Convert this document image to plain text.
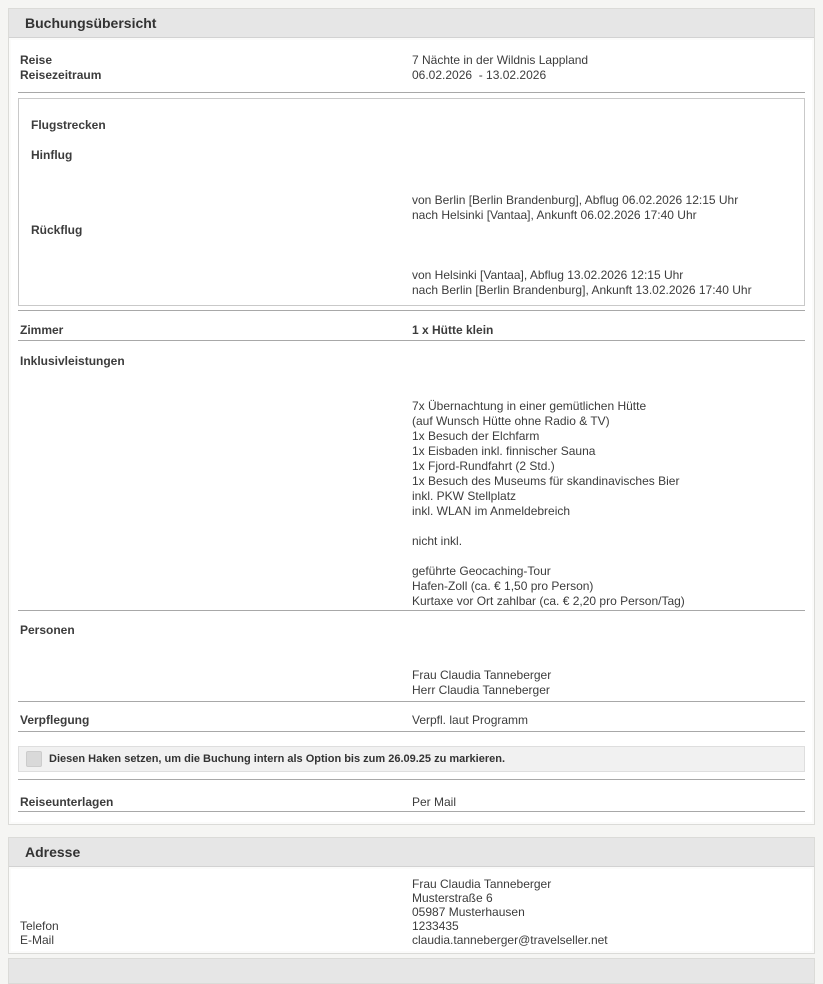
Buchungsübersicht
Reise	7 Nächte in der Wildnis Lappland
Reisezeitraum	06.02.2026  - 13.02.2026
Flugstrecken
Hinflug

von Berlin [Berlin Brandenburg], Abflug 06.02.2026 12:15 Uhr
nach Helsinki [Vantaa], Ankunft 06.02.2026 17:40 Uhr
Rückflug

von Helsinki [Vantaa], Abflug 13.02.2026 12:15 Uhr
nach Berlin [Berlin Brandenburg], Ankunft 13.02.2026 17:40 Uhr
Zimmer	1 x Hütte klein
Inklusivleistungen

7x Übernachtung in einer gemütlichen Hütte
(auf Wunsch Hütte ohne Radio & TV)
1x Besuch der Elchfarm
1x Eisbaden inkl. finnischer Sauna
1x Fjord-Rundfahrt (2 Std.)
1x Besuch des Museums für skandinavisches Bier
inkl. PKW Stellplatz
inkl. WLAN im Anmeldebreich

nicht inkl.

geführte Geocaching-Tour
Hafen-Zoll (ca. € 1,50 pro Person)
Kurtaxe vor Ort zahlbar (ca. € 2,20 pro Person/Tag)
Personen

Frau Claudia Tanneberger
Herr Claudia Tanneberger
Verpflegung	Verpfl. laut Programm
Diesen Haken setzen, um die Buchung intern als Option bis zum 26.09.25 zu markieren.
Reiseunterlagen	Per Mail
Adresse

Frau Claudia Tanneberger

Musterstraße 6

05987 Musterhausen
Telefon	1233435
E-Mail	claudia.tanneberger@travelseller.net
